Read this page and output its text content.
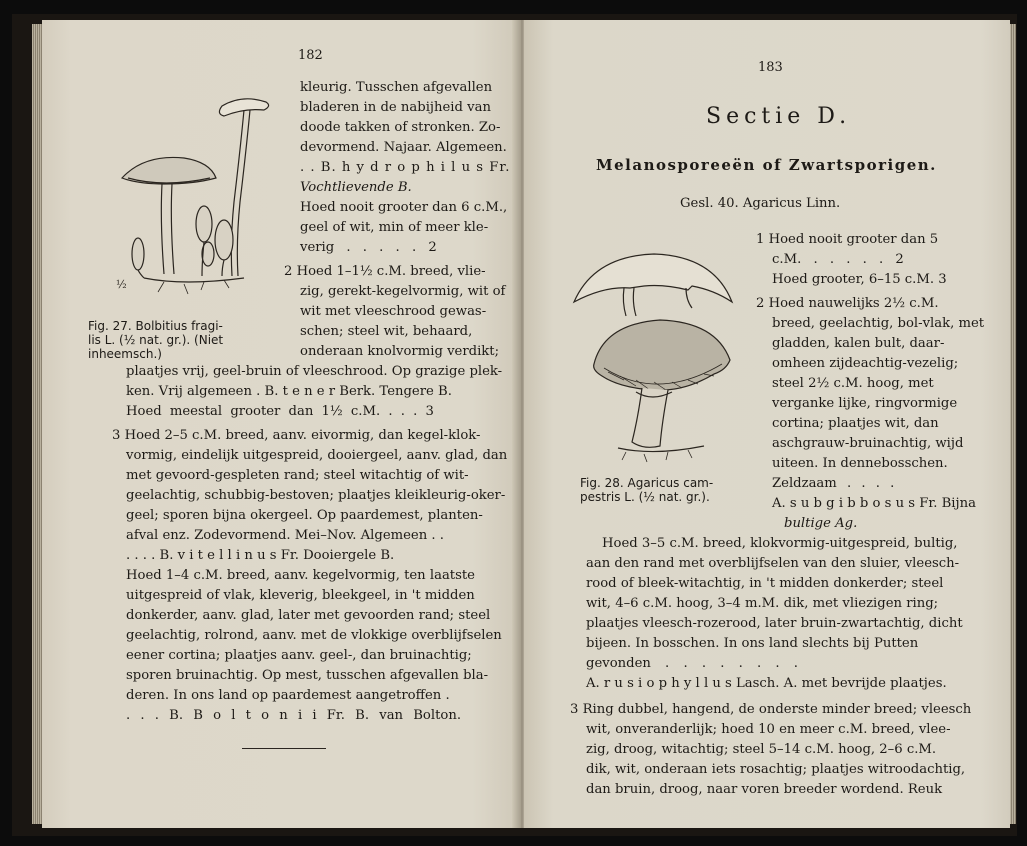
182
½
Fig. 27. Bolbitius fragi-
lis L. (½ nat. gr.). (Niet
inheemsch.)
kleurig. Tusschen afgevallen
bladeren in de nabijheid van
doode takken of stronken. Zo-
devormend. Najaar. Algemeen.
. . B. h y d r o p h i l u s Fr.
Vochtlievende B.
Hoed nooit grooter dan 6 c.M.,
geel of wit, min of meer kle-
verig . . . . . 2
2 Hoed 1–1½ c.M. breed, vlie-
zig, gerekt-kegelvormig, wit of
wit met vleeschrood gewas-
schen; steel wit, behaard,
onderaan knolvormig verdikt;
plaatjes vrij, geel-bruin of vleeschrood. Op grazige plek-
ken. Vrij algemeen . B. t e n e r Berk. Tengere B.
Hoed meestal grooter dan 1½ c.M. . . . 3
3 Hoed 2–5 c.M. breed, aanv. eivormig, dan kegel-klok-
vormig, eindelijk uitgespreid, dooiergeel, aanv. glad, dan
met gevoord-gespleten rand; steel witachtig of wit-
geelachtig, schubbig-bestoven; plaatjes kleikleurig-oker-
geel; sporen bijna okergeel. Op paardemest, planten-
afval enz. Zodevormend. Mei–Nov. Algemeen . .
. . . . B. v i t e l l i n u s Fr. Dooiergele B.
Hoed 1–4 c.M. breed, aanv. kegelvormig, ten laatste
uitgespreid of vlak, kleverig, bleekgeel, in 't midden
donkerder, aanv. glad, later met gevoorden rand; steel
geelachtig, rolrond, aanv. met de vlokkige overblijfselen
eener cortina; plaatjes aanv. geel-, dan bruinachtig;
sporen bruinachtig. Op mest, tusschen afgevallen bla-
deren. In ons land op paardemest aangetroffen .
. . . B. B o l t o n i i Fr. B. van Bolton.
183
Sectie D.
Melanosporeeën of Zwartsporigen.
Gesl. 40. Agaricus Linn.
Fig. 28. Agaricus cam-
pestris L. (½ nat. gr.).
1 Hoed nooit grooter dan 5
c.M. . . . . . 2
Hoed grooter, 6–15 c.M. 3
2 Hoed nauwelijks 2½ c.M.
breed, geelachtig, bol-vlak, met
gladden, kalen bult, daar-
omheen zijdeachtig-vezelig;
steel 2½ c.M. hoog, met
verganke lijke, ringvormige
cortina; plaatjes wit, dan
aschgrauw-bruinachtig, wijd
uiteen. In dennebosschen.
Zeldzaam . . . .
A. s u b g i b b o s u s Fr. Bijna
bultige Ag.
Hoed 3–5 c.M. breed, klokvormig-uitgespreid, bultig,
aan den rand met overblijfselen van den sluier, vleesch-
rood of bleek-witachtig, in 't midden donkerder; steel
wit, 4–6 c.M. hoog, 3–4 m.M. dik, met vliezigen ring;
plaatjes vleesch-rozerood, later bruin-zwartachtig, dicht
bijeen. In bosschen. In ons land slechts bij Putten
gevonden . . . . . . . .
A. r u s i o p h y l l u s Lasch. A. met bevrijde plaatjes.
3 Ring dubbel, hangend, de onderste minder breed; vleesch
wit, onveranderlijk; hoed 10 en meer c.M. breed, vlee-
zig, droog, witachtig; steel 5–14 c.M. hoog, 2–6 c.M.
dik, wit, onderaan iets rosachtig; plaatjes witroodachtig,
dan bruin, droog, naar voren breeder wordend. Reuk
